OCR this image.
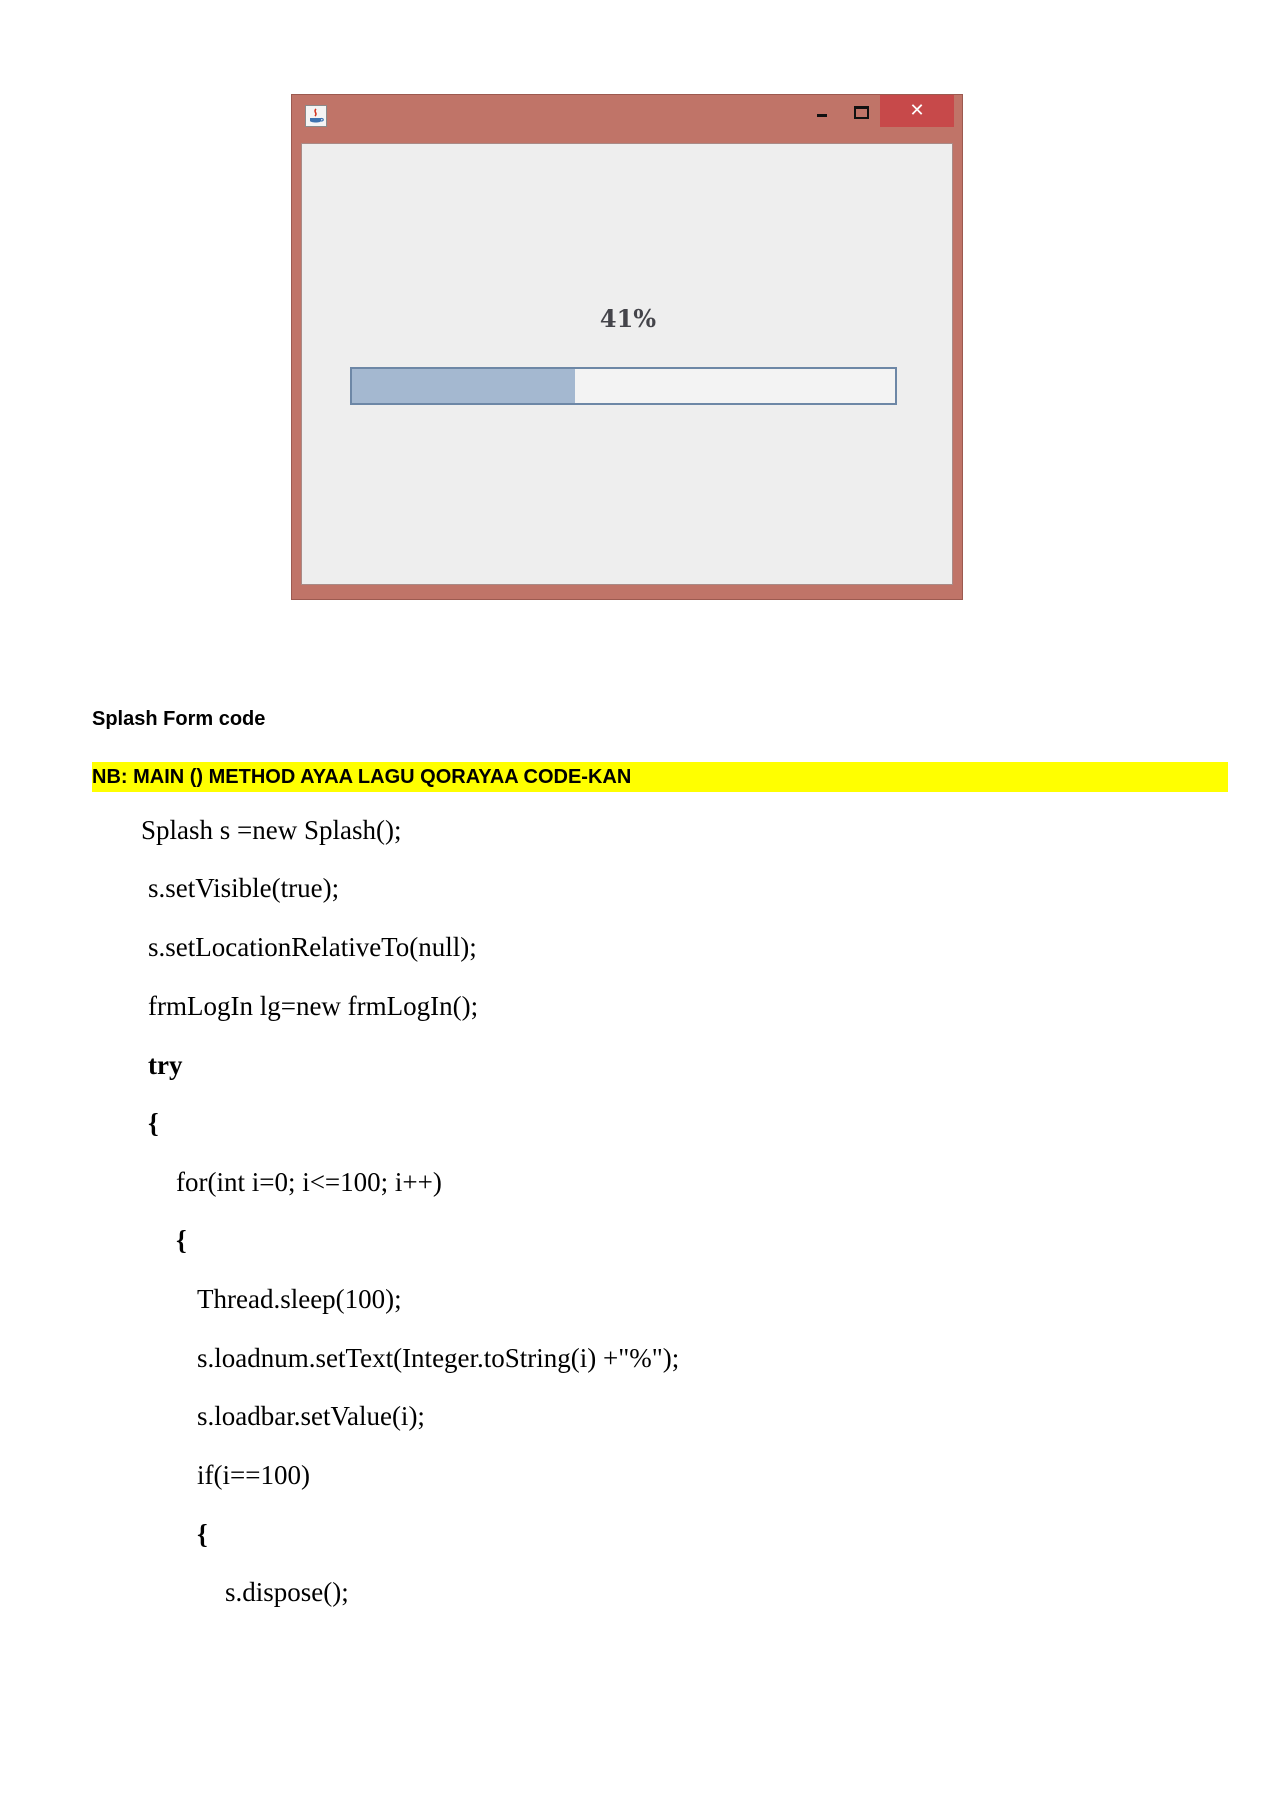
✕
41%
Splash Form code
NB: MAIN () METHOD AYAA LAGU QORAYAA CODE-KAN
Splash s =new Splash();
s.setVisible(true);
s.setLocationRelativeTo(null);
frmLogIn lg=new frmLogIn();
try
{
for(int i=0; i<=100; i++)
{
Thread.sleep(100);
s.loadnum.setText(Integer.toString(i) +"%");
s.loadbar.setValue(i);
if(i==100)
{
s.dispose();
